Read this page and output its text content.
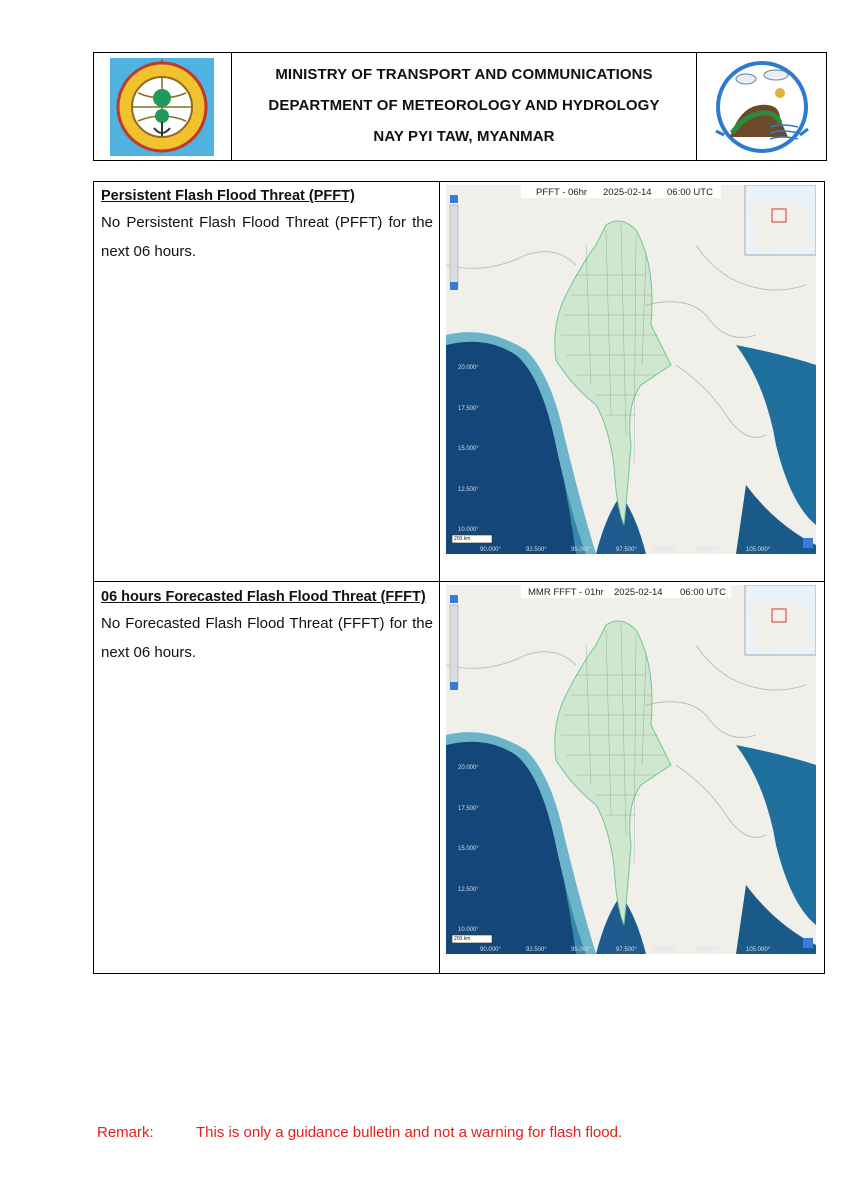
MINISTRY OF TRANSPORT AND COMMUNICATIONS
DEPARTMENT OF METEOROLOGY AND HYDROLOGY
NAY PYI TAW, MYANMAR
Persistent Flash Flood Threat (PFFT)
No Persistent Flash Flood Threat (PFFT) for the next 06 hours.
20.000°
17.500°
15.000°
12.500°
10.000°
90.000°	92.500°	95.000°	97.500° 100.000°	102.500°	105.000°
PFFT - 06hr 2025-02-14 06:00 UTC
200 km
06 hours Forecasted Flash Flood Threat (FFFT)
No Forecasted Flash Flood Threat (FFFT) for the next 06 hours.
20.000°
17.500°
15.000°
12.500°
10.000°
90.000°	92.500°	95.000°	97.500° 100.000°	102.500°	105.000°
MMR FFFT - 01hr 2025-02-14 06:00 UTC
200 km
Remark:	This is only a guidance bulletin and not a warning for flash flood.
